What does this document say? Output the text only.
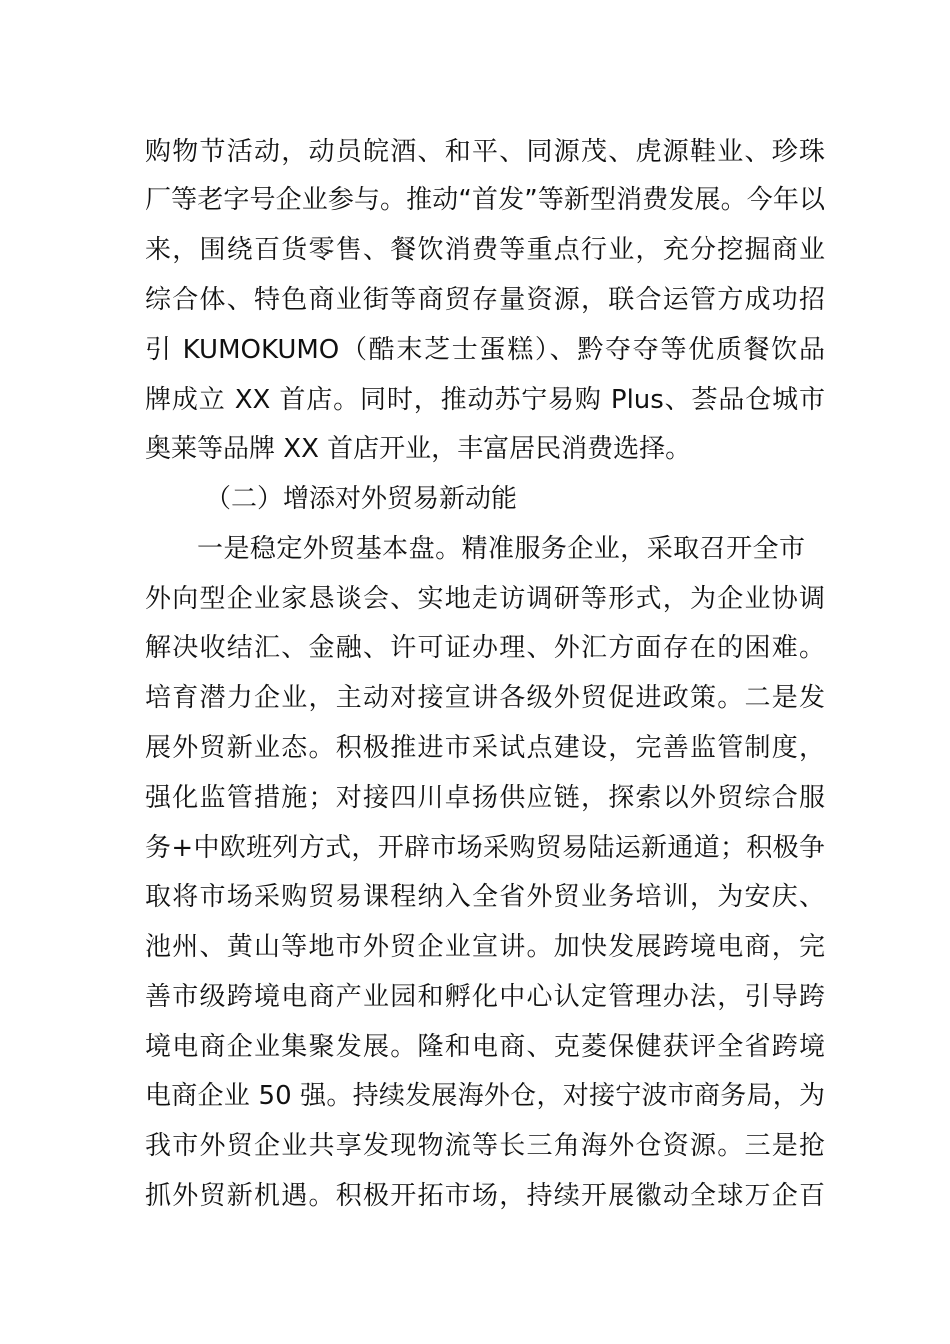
购物节活动，动员皖酒、和平、同源茂、虎源鞋业、珍珠
厂等老字号企业参与。推动“首发”等新型消费发展。今年以
来，围绕百货零售、餐饮消费等重点行业，充分挖掘商业
综合体、特色商业街等商贸存量资源，联合运管方成功招
引 KUMOKUMO（酷末芝士蛋糕）、黔夺夺等优质餐饮品
牌成立 XX 首店。同时，推动苏宁易购 Plus、荟品仓城市
奥莱等品牌 XX 首店开业，丰富居民消费选择。
（二）增添对外贸易新动能
一是稳定外贸基本盘。精准服务企业，采取召开全市
外向型企业家恳谈会、实地走访调研等形式，为企业协调
解决收结汇、金融、许可证办理、外汇方面存在的困难。
培育潜力企业，主动对接宣讲各级外贸促进政策。二是发
展外贸新业态。积极推进市采试点建设，完善监管制度，
强化监管措施；对接四川卓扬供应链，探索以外贸综合服
务+中欧班列方式，开辟市场采购贸易陆运新通道；积极争
取将市场采购贸易课程纳入全省外贸业务培训，为安庆、
池州、黄山等地市外贸企业宣讲。加快发展跨境电商，完
善市级跨境电商产业园和孵化中心认定管理办法，引导跨
境电商企业集聚发展。隆和电商、克菱保健获评全省跨境
电商企业 50 强。持续发展海外仓，对接宁波市商务局，为
我市外贸企业共享发现物流等长三角海外仓资源。三是抢
抓外贸新机遇。积极开拓市场，持续开展徽动全球万企百
